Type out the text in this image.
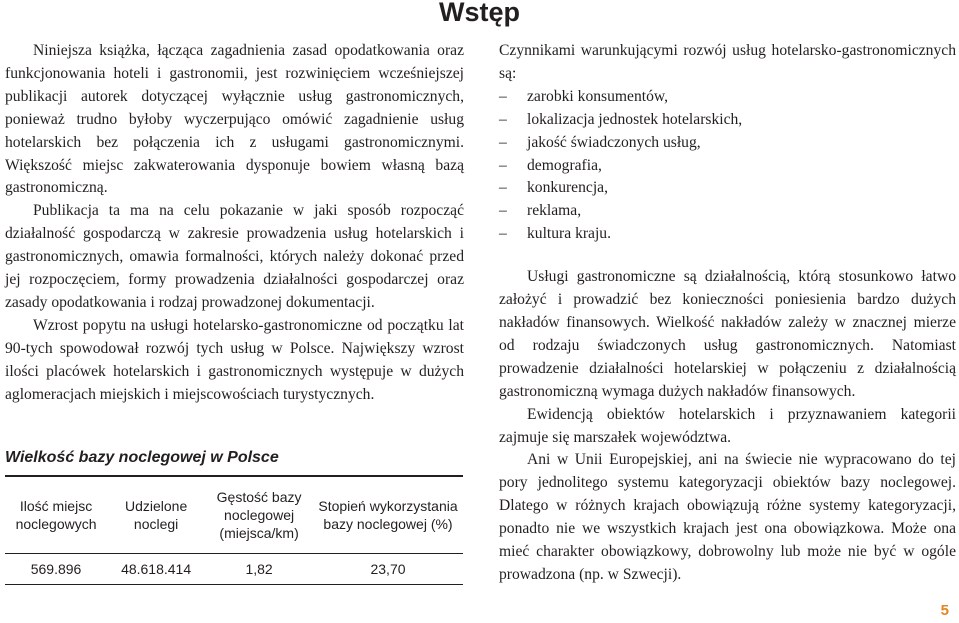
Wstęp

Niniejsza książka, łącząca zagadnienia zasad opodatkowania oraz funkcjonowania hoteli i gastronomii, jest rozwinięciem wcześniejszej publikacji autorek dotyczącej wyłącznie usług gastronomicznych, ponieważ trudno byłoby wyczerpująco omówić zagadnienie usług hotelarskich bez połączenia ich z usługami gastronomicznymi. Większość miejsc zakwaterowania dysponuje bowiem własną bazą gastronomiczną.

Publikacja ta ma na celu pokazanie w jaki sposób rozpocząć działalność gospodarczą w zakresie prowadzenia usług hotelarskich i gastronomicznych, omawia formalności, których należy dokonać przed jej rozpoczęciem, formy prowadzenia działalności gospodarczej oraz zasady opodatkowania i rodzaj prowadzonej dokumentacji.

Wzrost popytu na usługi hotelarsko-gastronomiczne od początku lat 90-tych spowodował rozwój tych usług w Polsce. Największy wzrost ilości placówek hotelarskich i gastronomicznych występuje w dużych aglomeracjach miejskich i miejscowościach turystycznych.

Wielkość bazy noclegowej w Polsce
Ilość miejsc noclegowych	Udzielone noclegi	Gęstość bazy noclegowej (miejsca/km)	Stopień wykorzystania bazy noclegowej (%)
569.896	48.618.414	1,82	23,70

Czynnikami warunkującymi rozwój usług hotelarsko-gastronomicznych są:

– zarobki konsumentów,
– lokalizacja jednostek hotelarskich,
– jakość świadczonych usług,
– demografia,
– konkurencja,
– reklama,
– kultura kraju.

Usługi gastronomiczne są działalnością, którą stosunkowo łatwo założyć i prowadzić bez konieczności poniesienia bardzo dużych nakładów finansowych. Wielkość nakładów zależy w znacznej mierze od rodzaju świadczonych usług gastronomicznych. Natomiast prowadzenie działalności hotelarskiej w połączeniu z działalnością gastronomiczną wymaga dużych nakładów finansowych.

Ewidencją obiektów hotelarskich i przyznawaniem kategorii zajmuje się marszałek województwa.

Ani w Unii Europejskiej, ani na świecie nie wypracowano do tej pory jednolitego systemu kategoryzacji obiektów bazy noclegowej. Dlatego w różnych krajach obowiązują różne systemy kategoryzacji, ponadto nie we wszystkich krajach jest ona obowiązkowa. Może ona mieć charakter obowiązkowy, dobrowolny lub może nie być w ogóle prowadzona (np. w Szwecji).

5
